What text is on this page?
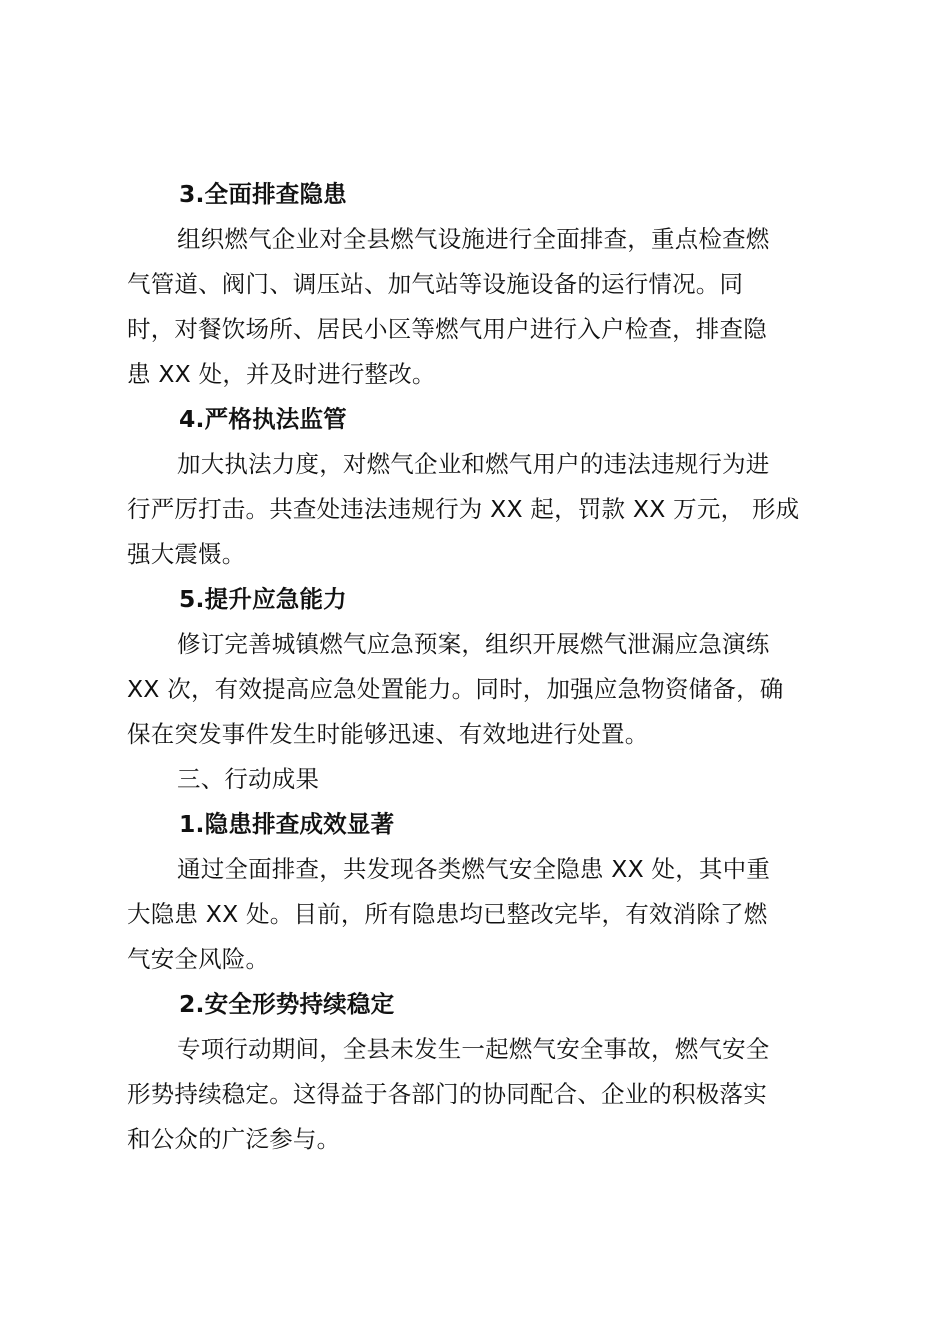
3.全面排查隐患
组织燃气企业对全县燃气设施进行全面排查，重点检查燃
气管道、阀门、调压站、加气站等设施设备的运行情况。同
时，对餐饮场所、居民小区等燃气用户进行入户检查，排查隐
患 XX 处，并及时进行整改。
4.严格执法监管
加大执法力度，对燃气企业和燃气用户的违法违规行为进
行严厉打击。共查处违法违规行为 XX 起，罚款 XX 万元， 形成
强大震慑。
5.提升应急能力
修订完善城镇燃气应急预案，组织开展燃气泄漏应急演练
XX 次，有效提高应急处置能力。同时，加强应急物资储备，确
保在突发事件发生时能够迅速、有效地进行处置。
三、行动成果
1.隐患排查成效显著
通过全面排查，共发现各类燃气安全隐患 XX 处，其中重
大隐患 XX 处。目前，所有隐患均已整改完毕，有效消除了燃
气安全风险。
2.安全形势持续稳定
专项行动期间，全县未发生一起燃气安全事故，燃气安全
形势持续稳定。这得益于各部门的协同配合、企业的积极落实
和公众的广泛参与。
